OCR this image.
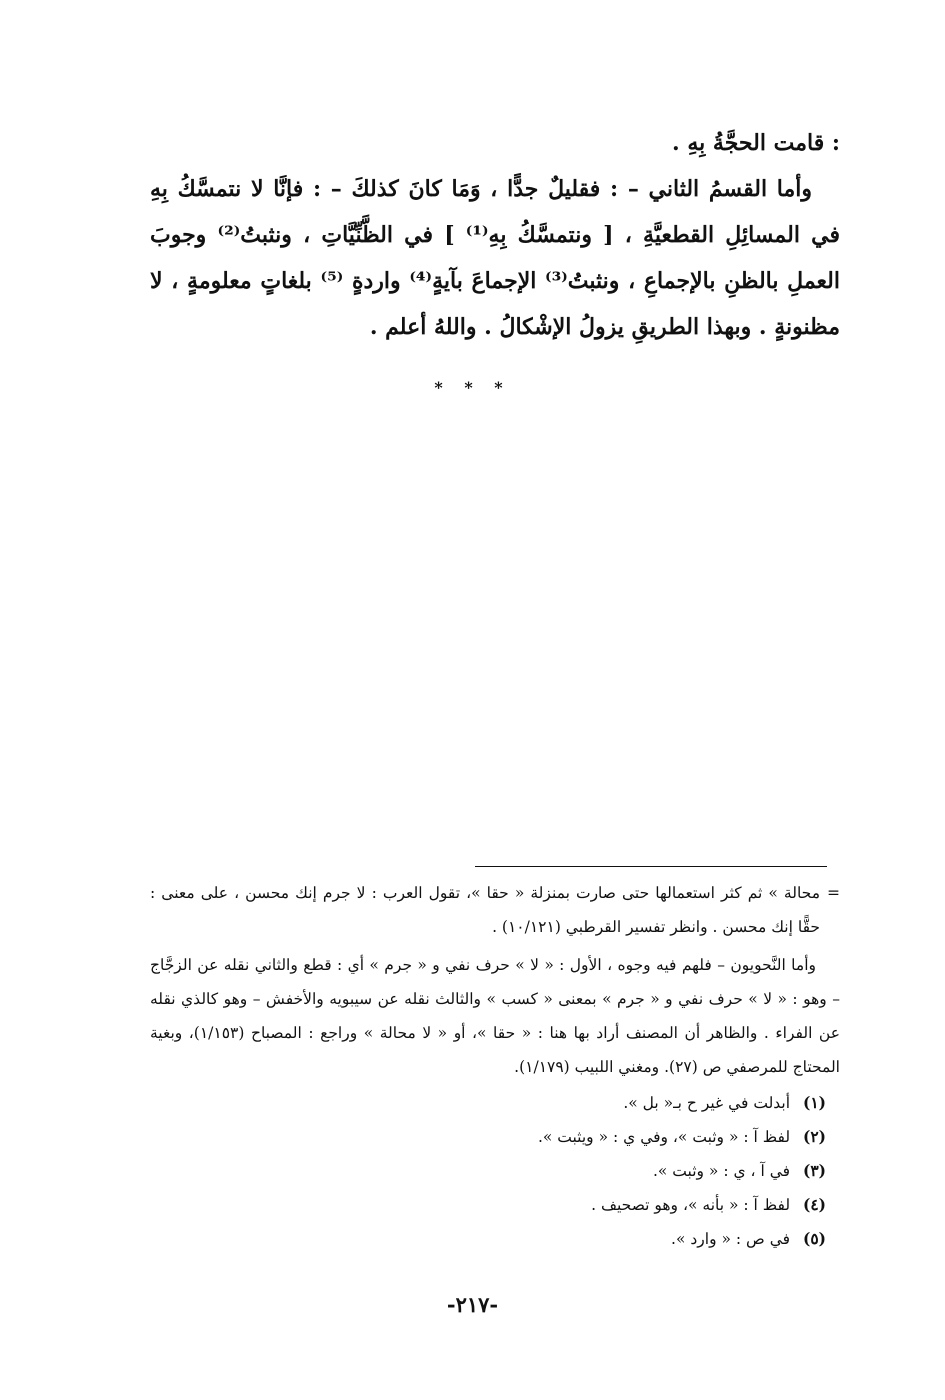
: قامت الحجَّةُ بِهِ .

وأما القسمُ الثاني – : فقليلٌ جدًّا ، وَمَا كانَ كذلكَ – : فإنَّا لا نتمسَّكُ بِهِ في المسائِلِ القطعيَّةِ ، [ ونتمسَّكُ بِهِ⁽¹⁾ ] في الظَّنِّيَّاتِ ، ونثبتُ⁽²⁾ وجوبَ العملِ بالظنِ بالإجماعِ ، ونثبتُ⁽³⁾ الإجماعَ بآيةٍ⁽⁴⁾ واردةٍ ⁽⁵⁾ بلغاتٍ معلومةٍ ، لا مظنونةٍ . وبهذا الطريقِ يزولُ الإشْكالُ . واللهُ أعلم .

* * *

=
محالة » ثم كثر استعمالها حتى صارت بمنزلة « حقا »، تقول العرب : لا جرم إنك محسن ، على معنى : حقًّا إنك محسن . وانظر تفسير القرطبي (١٠/١٢١) .

وأما النَّحويون – فلهم فيه وجوه ، الأول : « لا » حرف نفي و « جرم » أي : قطع والثاني نقله عن الزجَّاج – وهو : « لا » حرف نفي و « جرم » بمعنى « كسب » والثالث نقله عن سيبويه والأخفش – وهو كالذي نقله عن الفراء . والظاهر أن المصنف أراد بها هنا : « حقا »، أو « لا محالة » وراجع : المصباح (١/١٥٣)، وبغية المحتاج للمرصفي ص (٢٧). ومغني اللبيب (١/١٧٩).

(١) أبدلت في غير ح بـ« بل ».
(٢) لفظ آ : « وثبت »، وفي ي : « ويثبت ».
(٣) في آ ، ي : « وثبت ».
(٤) لفظ آ : « بأنه »، وهو تصحيف .
(٥) في ص : « وارد ».
-٢١٧-
